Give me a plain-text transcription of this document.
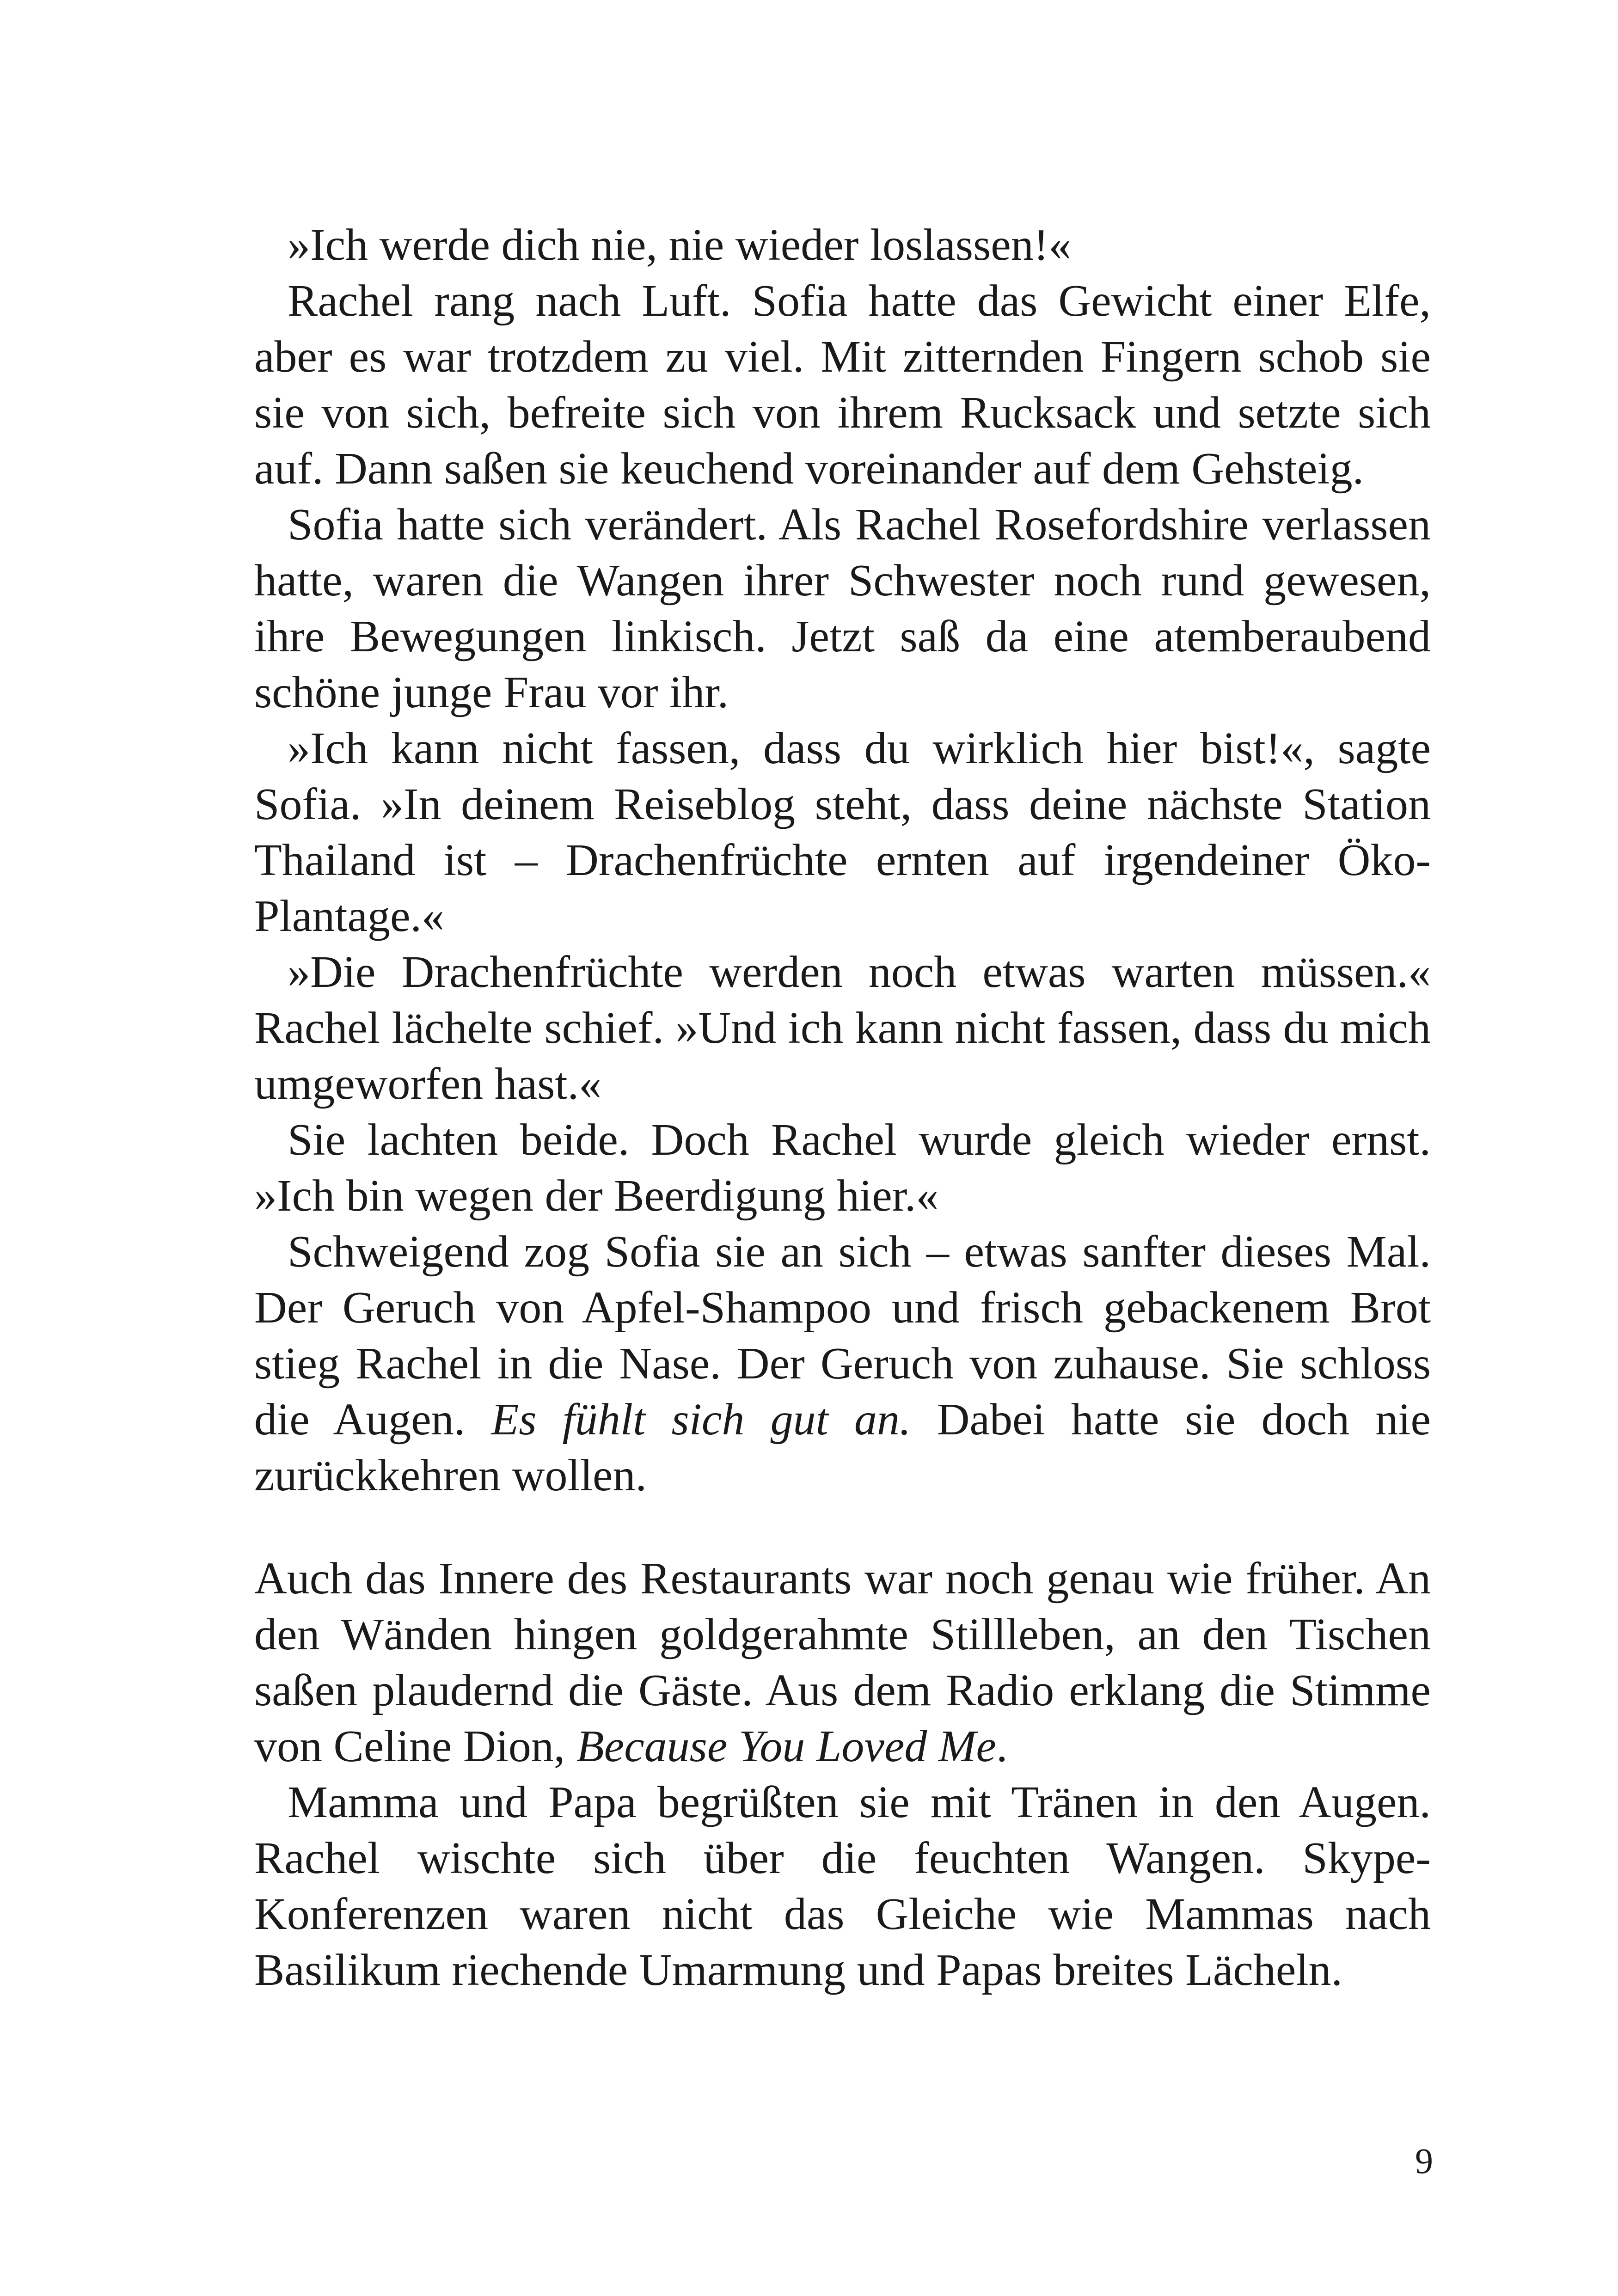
»Ich werde dich nie, nie wieder loslassen!«

Rachel rang nach Luft. Sofia hatte das Gewicht einer Elfe, aber es war trotzdem zu viel. Mit zitternden Fingern schob sie sie von sich, befreite sich von ihrem Rucksack und setzte sich auf. Dann saßen sie keuchend voreinander auf dem Gehsteig.

Sofia hatte sich verändert. Als Rachel Rosefordshire verlassen hatte, waren die Wangen ihrer Schwester noch rund gewesen, ihre Bewegungen linkisch. Jetzt saß da eine atemberaubend schöne junge Frau vor ihr.

»Ich kann nicht fassen, dass du wirklich hier bist!«, sagte Sofia. »In deinem Reiseblog steht, dass deine nächste Station Thailand ist – Drachenfrüchte ernten auf irgendeiner Öko-Plantage.«

»Die Drachenfrüchte werden noch etwas warten müssen.« Rachel lächelte schief. »Und ich kann nicht fassen, dass du mich umgeworfen hast.«

Sie lachten beide. Doch Rachel wurde gleich wieder ernst. »Ich bin wegen der Beerdigung hier.«

Schweigend zog Sofia sie an sich – etwas sanfter dieses Mal. Der Geruch von Apfel-Shampoo und frisch gebackenem Brot stieg Rachel in die Nase. Der Geruch von zuhause. Sie schloss die Augen. Es fühlt sich gut an. Dabei hatte sie doch nie zurückkehren wollen.

Auch das Innere des Restaurants war noch genau wie früher. An den Wänden hingen goldgerahmte Stillleben, an den Tischen saßen plaudernd die Gäste. Aus dem Radio erklang die Stimme von Celine Dion, Because You Loved Me.

Mamma und Papa begrüßten sie mit Tränen in den Augen. Rachel wischte sich über die feuchten Wangen. Skype-Konferenzen waren nicht das Gleiche wie Mammas nach Basilikum riechende Umarmung und Papas breites Lächeln.

9
